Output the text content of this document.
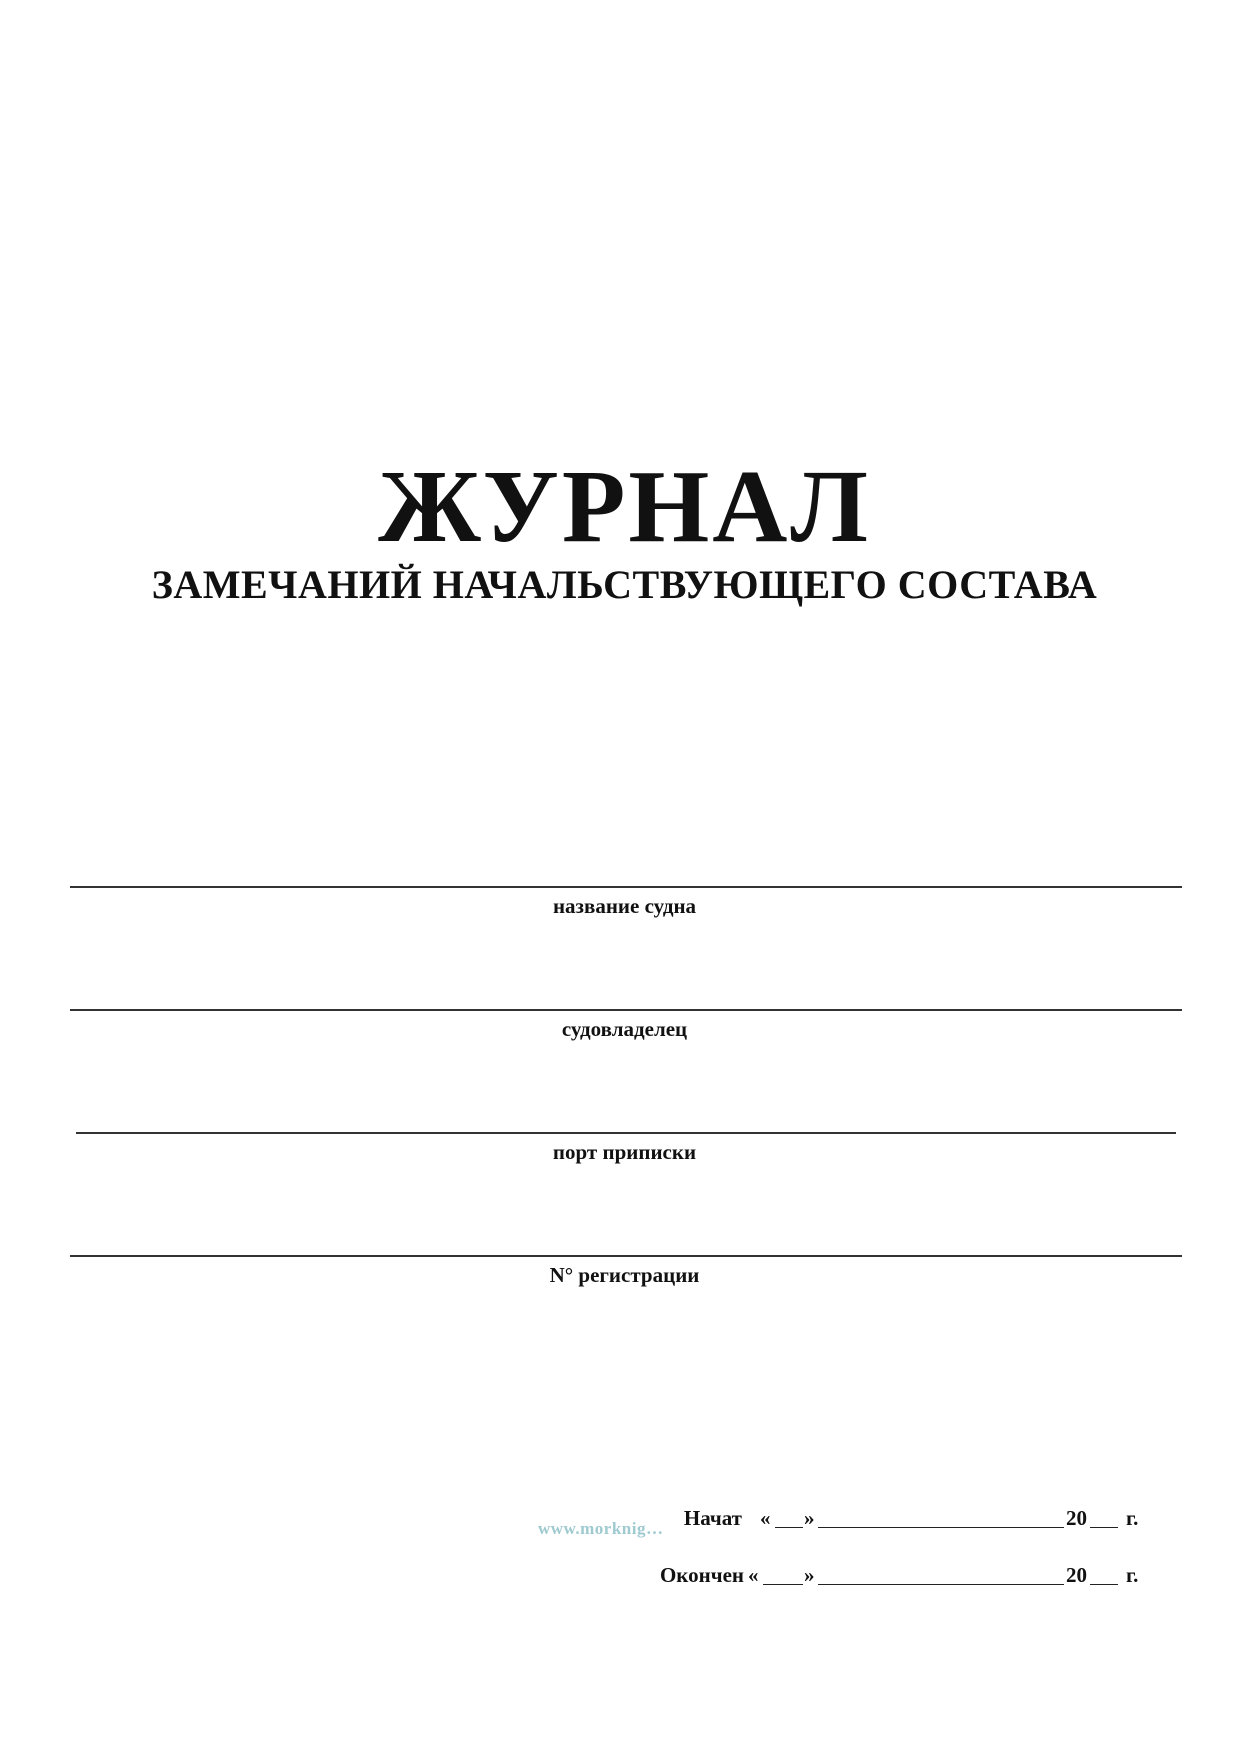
ЖУРНАЛ
ЗАМЕЧАНИЙ НАЧАЛЬСТВУЮЩЕГО СОСТАВА
название судна
судовладелец
порт приписки
N° регистрации
www.morknig… Начат « »	20 г.
Окончен « »	20 г.
